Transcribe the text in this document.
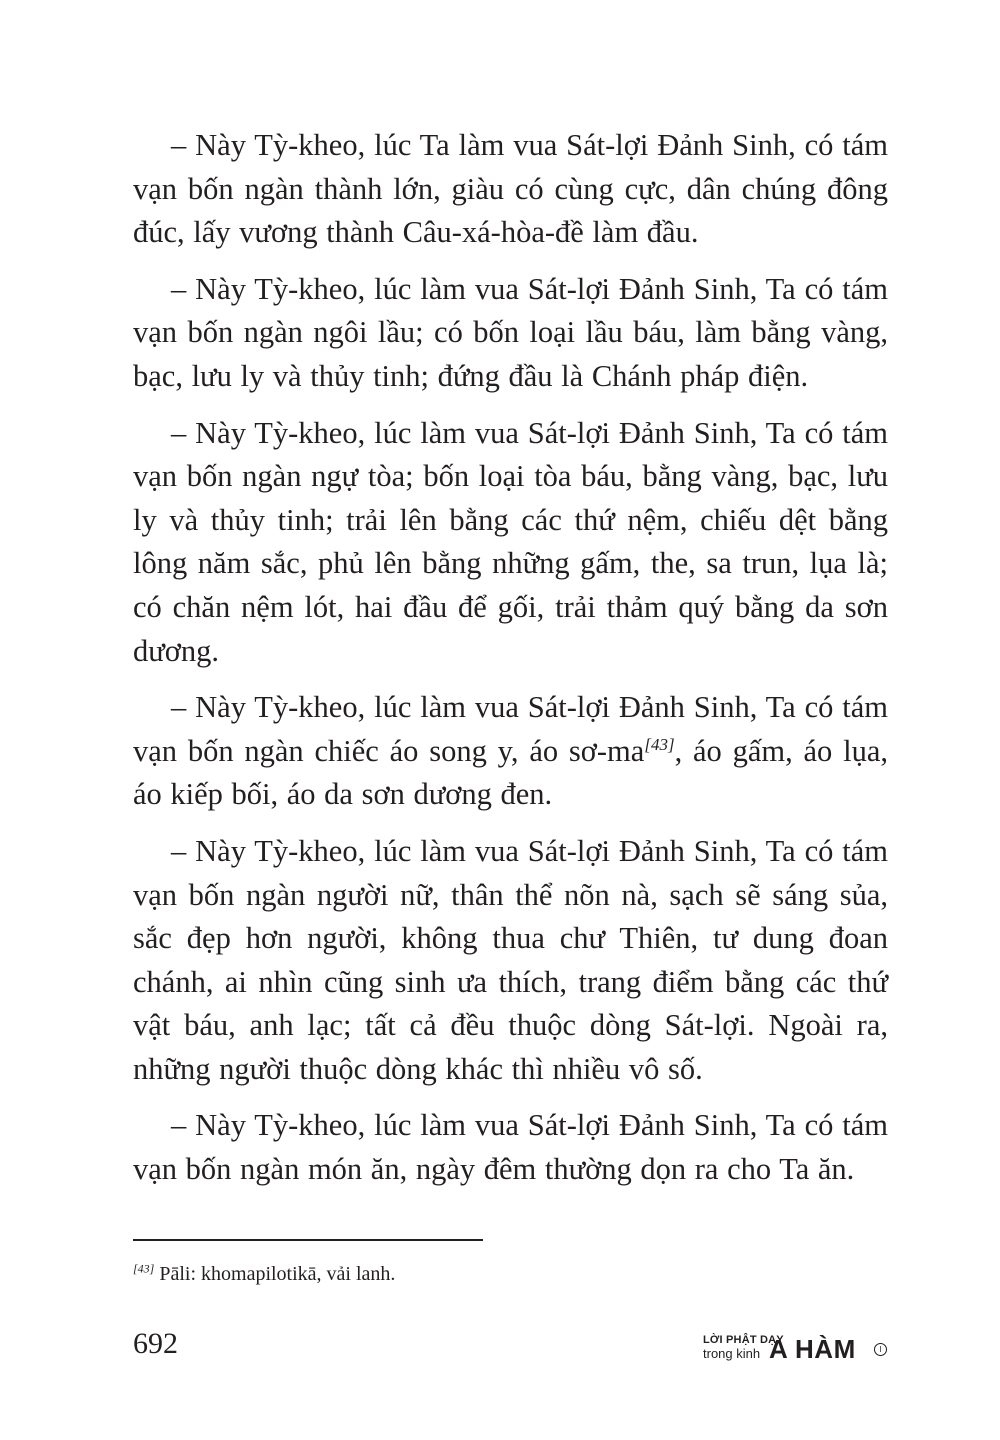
– Này Tỳ-kheo, lúc Ta làm vua Sát-lợi Đảnh Sinh, có tám vạn bốn ngàn thành lớn, giàu có cùng cực, dân chúng đông đúc, lấy vương thành Câu-xá-hòa-đề làm đầu.

– Này Tỳ-kheo, lúc làm vua Sát-lợi Đảnh Sinh, Ta có tám vạn bốn ngàn ngôi lầu; có bốn loại lầu báu, làm bằng vàng, bạc, lưu ly và thủy tinh; đứng đầu là Chánh pháp điện.

– Này Tỳ-kheo, lúc làm vua Sát-lợi Đảnh Sinh, Ta có tám vạn bốn ngàn ngự tòa; bốn loại tòa báu, bằng vàng, bạc, lưu ly và thủy tinh; trải lên bằng các thứ nệm, chiếu dệt bằng lông năm sắc, phủ lên bằng những gấm, the, sa trun, lụa là; có chăn nệm lót, hai đầu để gối, trải thảm quý bằng da sơn dương.

– Này Tỳ-kheo, lúc làm vua Sát-lợi Đảnh Sinh, Ta có tám vạn bốn ngàn chiếc áo song y, áo sơ-ma[43], áo gấm, áo lụa, áo kiếp bối, áo da sơn dương đen.

– Này Tỳ-kheo, lúc làm vua Sát-lợi Đảnh Sinh, Ta có tám vạn bốn ngàn người nữ, thân thể nõn nà, sạch sẽ sáng sủa, sắc đẹp hơn người, không thua chư Thiên, tư dung đoan chánh, ai nhìn cũng sinh ưa thích, trang điểm bằng các thứ vật báu, anh lạc; tất cả đều thuộc dòng Sát-lợi. Ngoài ra, những người thuộc dòng khác thì nhiều vô số.

– Này Tỳ-kheo, lúc làm vua Sát-lợi Đảnh Sinh, Ta có tám vạn bốn ngàn món ăn, ngày đêm thường dọn ra cho Ta ăn.

[43] Pāli: khomapilotikā, vải lanh.
692	LỜI PHẬT DẠY
trong kinh A HÀM	I
